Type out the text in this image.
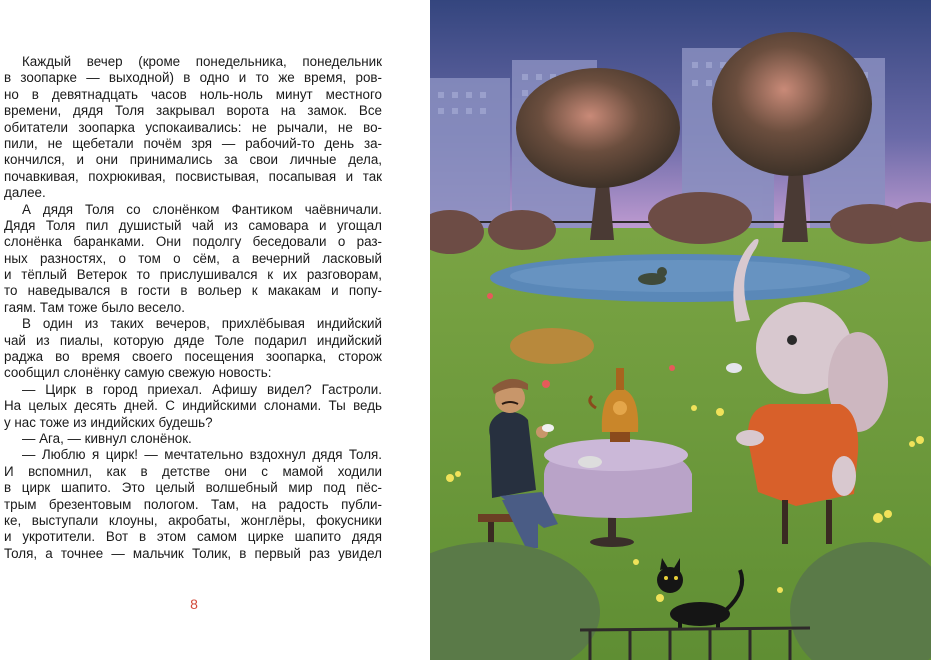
Каждый вечер (кроме понедельника, понедельник
в зоопарке — выходной) в одно и то же время, ров-
но в девятнадцать часов ноль-ноль минут местного
времени, дядя Толя закрывал ворота на замок. Все
обитатели зоопарка успокаивались: не рычали, не во-
пили, не щебетали почём зря — рабочий-то день за-
кончился, и они принимались за свои личные дела,
почавкивая, похрюкивая, посвистывая, посапывая и так
далее.
А дядя Толя со слонёнком Фантиком чаёвничали.
Дядя Толя пил душистый чай из самовара и угощал
слонёнка баранками. Они подолгу беседовали о раз-
ных разностях, о том о сём, а вечерний ласковый
и тёплый Ветерок то прислушивался к их разговорам,
то наведывался в гости в вольер к макакам и попу-
гаям. Там тоже было весело.
В один из таких вечеров, прихлёбывая индийский
чай из пиалы, которую дяде Толе подарил индийский
раджа во время своего посещения зоопарка, сторож
сообщил слонёнку самую свежую новость:
— Цирк в город приехал. Афишу видел? Гастроли.
На целых десять дней. С индийскими слонами. Ты ведь
у нас тоже из индийских будешь?
— Ага, — кивнул слонёнок.
— Люблю я цирк! — мечтательно вздохнул дядя Толя.
И вспомнил, как в детстве они с мамой ходили
в цирк шапито. Это целый волшебный мир под пёс-
трым брезентовым пологом. Там, на радость публи-
ке, выступали клоуны, акробаты, жонглёры, фокусники
и укротители. Вот в этом самом цирке шапито дядя
Толя, а точнее — мальчик Толик, в первый раз увидел
8
